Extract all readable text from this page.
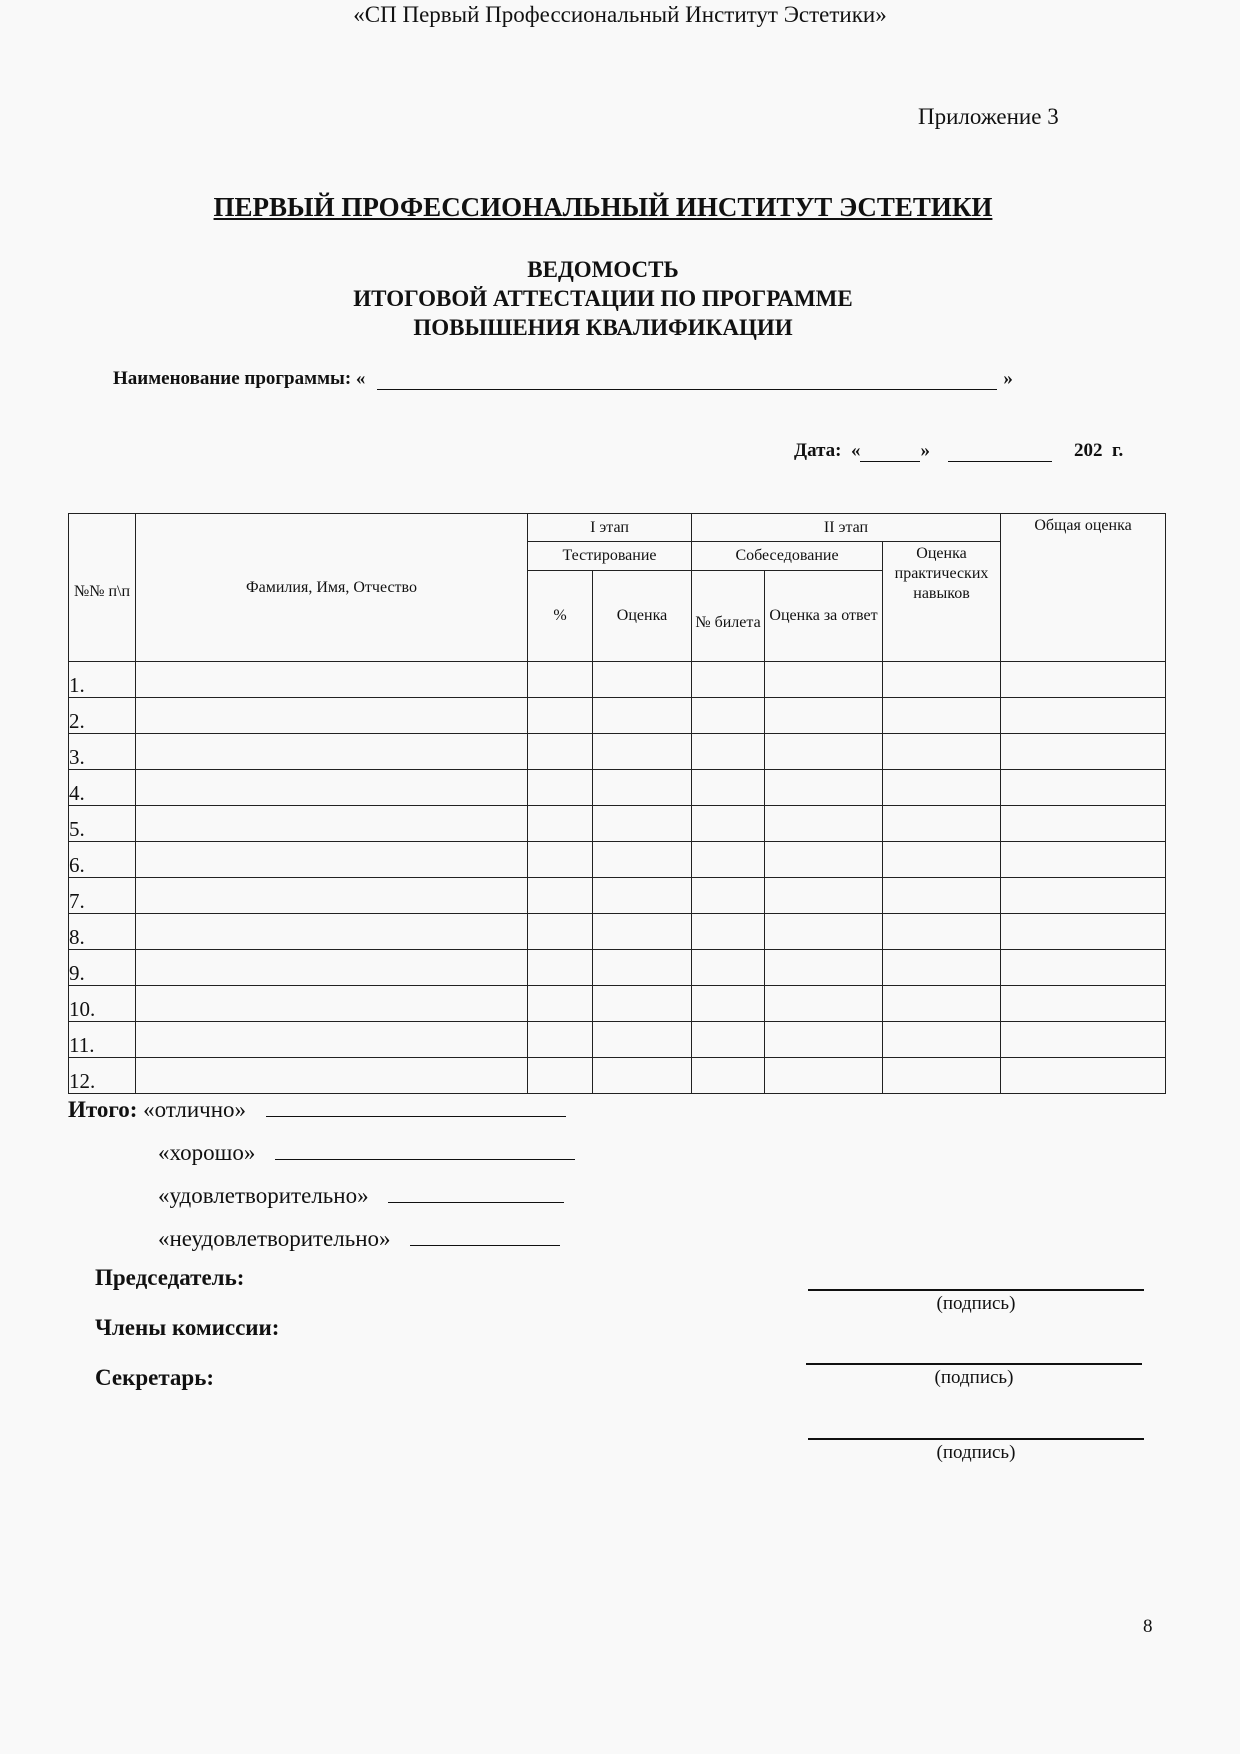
«СП Первый Профессиональный Институт Эстетики»
Приложение 3
ПЕРВЫЙ ПРОФЕССИОНАЛЬНЫЙ ИНСТИТУТ ЭСТЕТИКИ
ВЕДОМОСТЬ
ИТОГОВОЙ АТТЕСТАЦИИ ПО ПРОГРАММЕ
ПОВЫШЕНИЯ КВАЛИФИКАЦИИ
Наименование программы: «	»
Дата:  «	»	202  г.
№№ п\п	Фамилия, Имя, Отчество	I этап		II этап			Общая оценка
		Тестирование		Собеседование		Оценка практических навыков	
		%	Оценка	№ билета	Оценка за ответ		
1.							
2.							
3.							
4.							
5.							
6.							
7.							
8.							
9.							
10.							
11.							
12.							
Итого: «отлично»
«хорошо»
«удовлетворительно»
«неудовлетворительно»
Председатель:
Члены комиссии:
Секретарь:
(подпись)
(подпись)
(подпись)
8
